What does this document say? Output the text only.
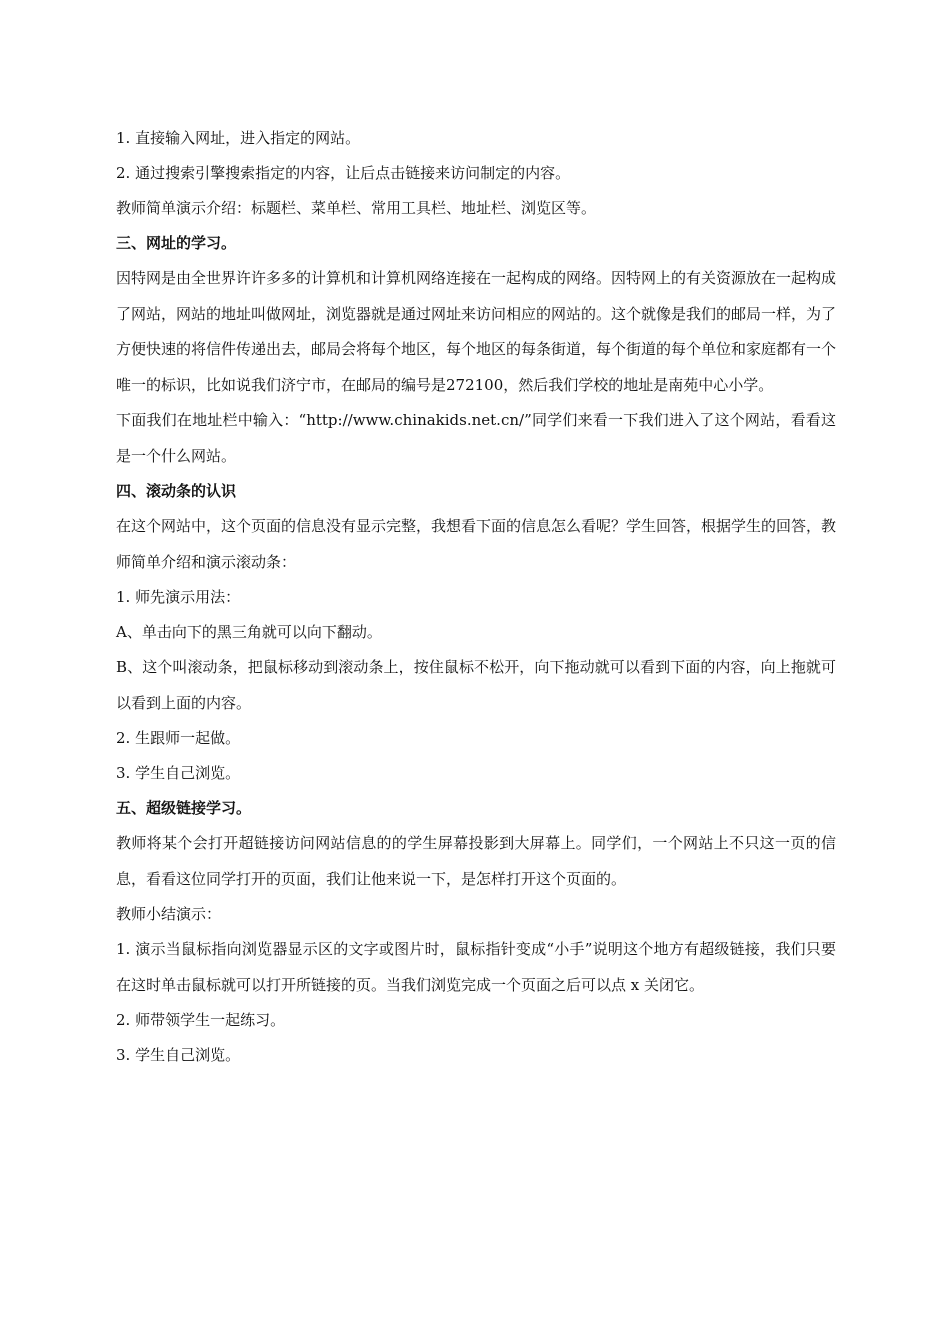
1. 直接输入网址，进入指定的网站。
2. 通过搜索引擎搜索指定的内容，让后点击链接来访问制定的内容。
教师简单演示介绍：标题栏、菜单栏、常用工具栏、地址栏、浏览区等。
三、网址的学习。
因特网是由全世界许许多多的计算机和计算机网络连接在一起构成的网络。因特网上的有关资源放在一起构成了网站，网站的地址叫做网址，浏览器就是通过网址来访问相应的网站的。这个就像是我们的邮局一样，为了方便快速的将信件传递出去，邮局会将每个地区，每个地区的每条街道，每个街道的每个单位和家庭都有一个唯一的标识，比如说我们济宁市，在邮局的编号是272100，然后我们学校的地址是南苑中心小学。
下面我们在地址栏中输入：“http://www.chinakids.net.cn/”同学们来看一下我们进入了这个网站，看看这是一个什么网站。
四、滚动条的认识
在这个网站中，这个页面的信息没有显示完整，我想看下面的信息怎么看呢？学生回答，根据学生的回答，教师简单介绍和演示滚动条：
1. 师先演示用法：
A、单击向下的黑三角就可以向下翻动。
B、这个叫滚动条，把鼠标移动到滚动条上，按住鼠标不松开，向下拖动就可以看到下面的内容，向上拖就可以看到上面的内容。
2. 生跟师一起做。
3. 学生自己浏览。
五、超级链接学习。
教师将某个会打开超链接访问网站信息的的学生屏幕投影到大屏幕上。同学们，一个网站上不只这一页的信息，看看这位同学打开的页面，我们让他来说一下，是怎样打开这个页面的。
教师小结演示：
1. 演示当鼠标指向浏览器显示区的文字或图片时，鼠标指针变成“小手”说明这个地方有超级链接，我们只要在这时单击鼠标就可以打开所链接的页。当我们浏览完成一个页面之后可以点 x 关闭它。
2. 师带领学生一起练习。
3. 学生自己浏览。
